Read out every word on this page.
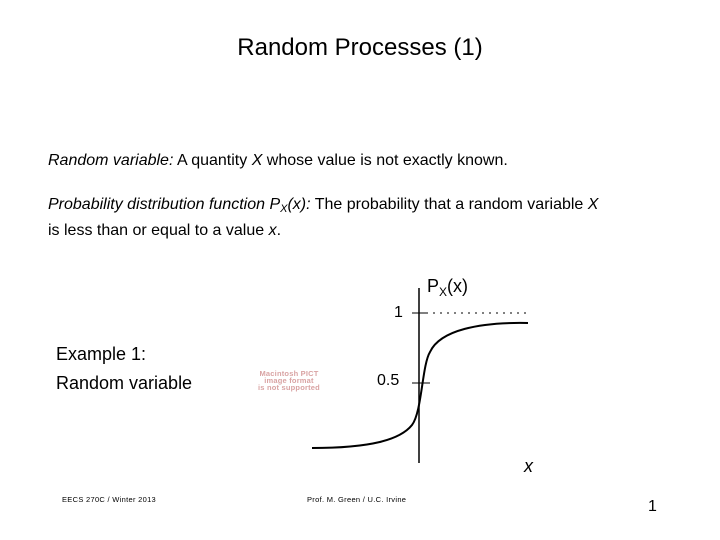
Random Processes (1)
Random variable: A quantity X whose value is not exactly known.
Probability distribution function $P_X(x)$: The probability that a random variable X
is less than or equal to a value x.
Example 1:
Random variable	Macintosh PICT
image format
is not supported
$P_X(x)$
1
0.5
x
EECS 270C / Winter 2013	Prof. M. Green / U.C. Irvine	1
